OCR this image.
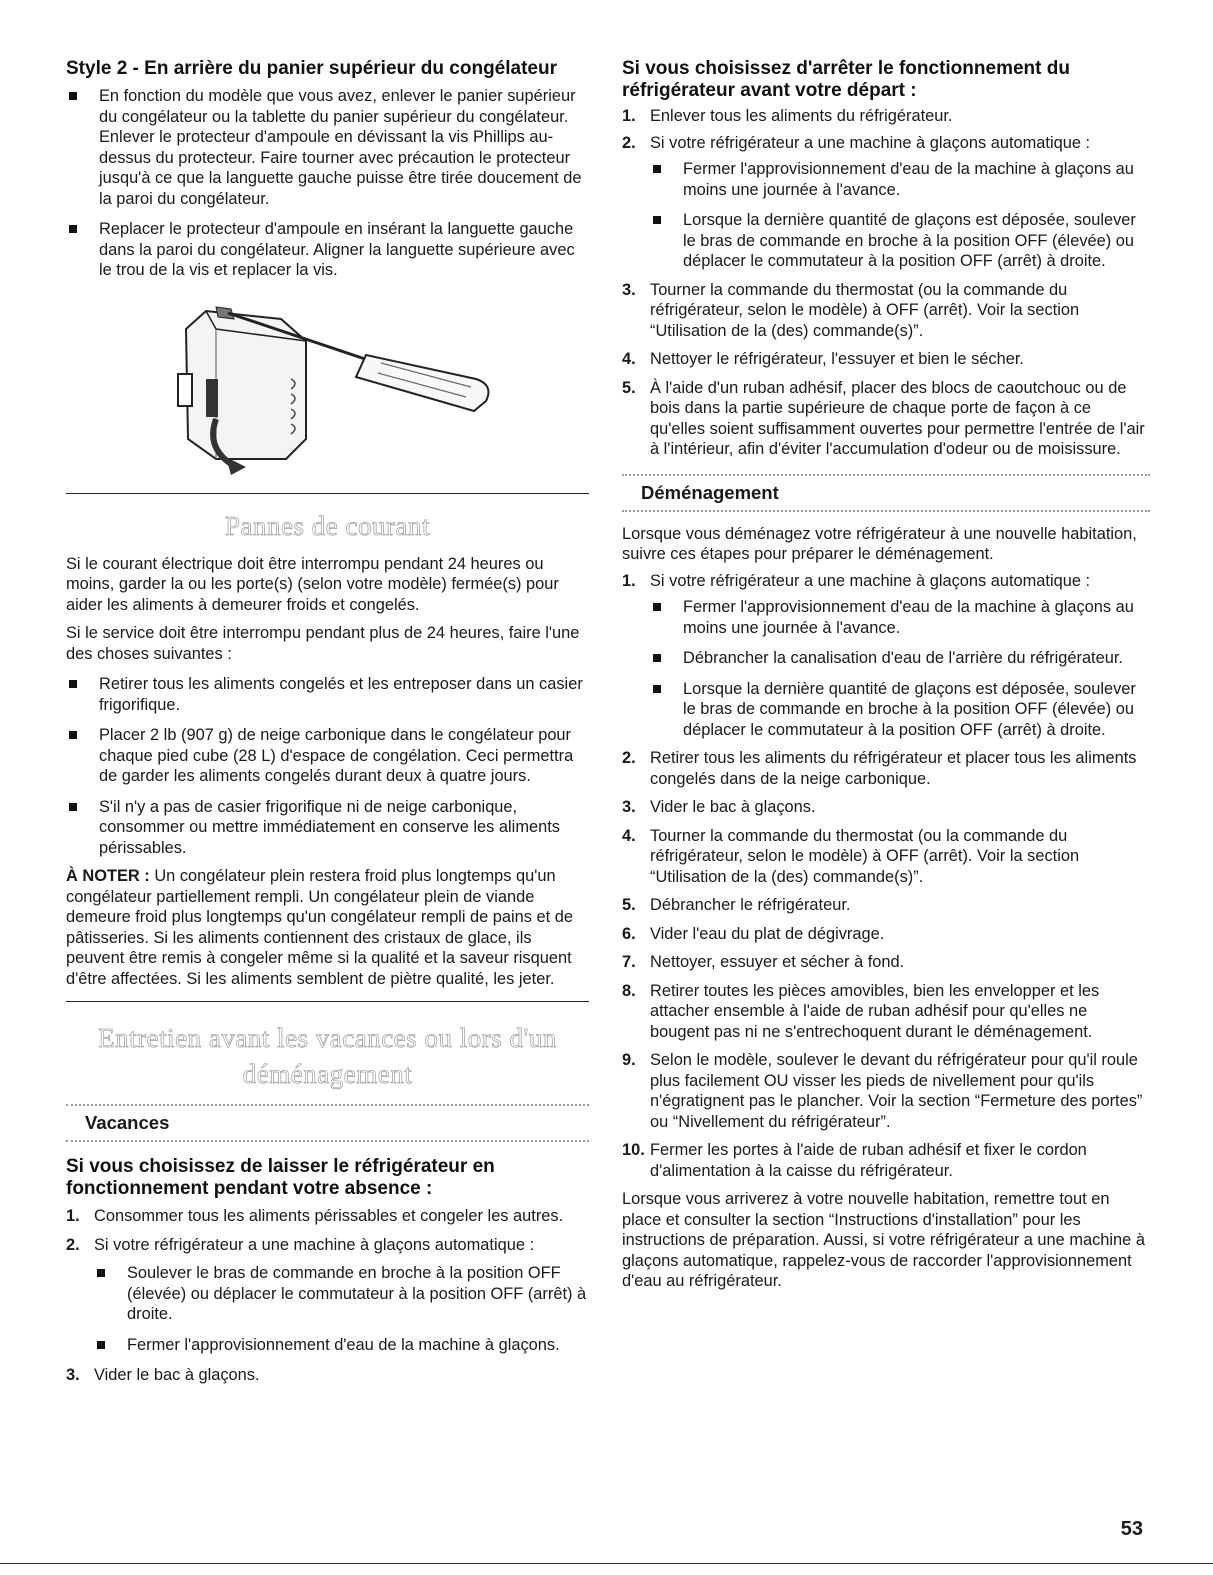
Style 2 - En arrière du panier supérieur du congélateur

En fonction du modèle que vous avez, enlever le panier supérieur du congélateur ou la tablette du panier supérieur du congélateur. Enlever le protecteur d'ampoule en dévissant la vis Phillips au-dessus du protecteur. Faire tourner avec précaution le protecteur jusqu'à ce que la languette gauche puisse être tirée doucement de la paroi du congélateur.

Replacer le protecteur d'ampoule en insérant la languette gauche dans la paroi du congélateur. Aligner la languette supérieure avec le trou de la vis et replacer la vis.

Pannes de courant

Si le courant électrique doit être interrompu pendant 24 heures ou moins, garder la ou les porte(s) (selon votre modèle) fermée(s) pour aider les aliments à demeurer froids et congelés.

Si le service doit être interrompu pendant plus de 24 heures, faire l'une des choses suivantes :

Retirer tous les aliments congelés et les entreposer dans un casier frigorifique.

Placer 2 lb (907 g) de neige carbonique dans le congélateur pour chaque pied cube (28 L) d'espace de congélation. Ceci permettra de garder les aliments congelés durant deux à quatre jours.

S'il n'y a pas de casier frigorifique ni de neige carbonique, consommer ou mettre immédiatement en conserve les aliments périssables.

À NOTER : Un congélateur plein restera froid plus longtemps qu'un congélateur partiellement rempli. Un congélateur plein de viande demeure froid plus longtemps qu'un congélateur rempli de pains et de pâtisseries. Si les aliments contiennent des cristaux de glace, ils peuvent être remis à congeler même si la qualité et la saveur risquent d'être affectées. Si les aliments semblent de piètre qualité, les jeter.

Entretien avant les vacances ou lors d'un

déménagement

Vacances

Si vous choisissez de laisser le réfrigérateur en fonctionnement pendant votre absence :

1. Consommer tous les aliments périssables et congeler les autres.

2. Si votre réfrigérateur a une machine à glaçons automatique :

Soulever le bras de commande en broche à la position OFF (élevée) ou déplacer le commutateur à la position OFF (arrêt) à droite.

Fermer l'approvisionnement d'eau de la machine à glaçons.

3. Vider le bac à glaçons.

Si vous choisissez d'arrêter le fonctionnement du réfrigérateur avant votre départ :

1. Enlever tous les aliments du réfrigérateur.

2. Si votre réfrigérateur a une machine à glaçons automatique :

Fermer l'approvisionnement d'eau de la machine à glaçons au moins une journée à l'avance.

Lorsque la dernière quantité de glaçons est déposée, soulever le bras de commande en broche à la position OFF (élevée) ou déplacer le commutateur à la position OFF (arrêt) à droite.

3. Tourner la commande du thermostat (ou la commande du réfrigérateur, selon le modèle) à OFF (arrêt). Voir la section “Utilisation de la (des) commande(s)”.

4. Nettoyer le réfrigérateur, l'essuyer et bien le sécher.

5. À l'aide d'un ruban adhésif, placer des blocs de caoutchouc ou de bois dans la partie supérieure de chaque porte de façon à ce qu'elles soient suffisamment ouvertes pour permettre l'entrée de l'air à l'intérieur, afin d'éviter l'accumulation d'odeur ou de moisissure.

Déménagement

Lorsque vous déménagez votre réfrigérateur à une nouvelle habitation, suivre ces étapes pour préparer le déménagement.

1. Si votre réfrigérateur a une machine à glaçons automatique :

Fermer l'approvisionnement d'eau de la machine à glaçons au moins une journée à l'avance.

Débrancher la canalisation d'eau de l'arrière du réfrigérateur.

Lorsque la dernière quantité de glaçons est déposée, soulever le bras de commande en broche à la position OFF (élevée) ou déplacer le commutateur à la position OFF (arrêt) à droite.

2. Retirer tous les aliments du réfrigérateur et placer tous les aliments congelés dans de la neige carbonique.

3. Vider le bac à glaçons.

4. Tourner la commande du thermostat (ou la commande du réfrigérateur, selon le modèle) à OFF (arrêt). Voir la section “Utilisation de la (des) commande(s)”.

5. Débrancher le réfrigérateur.

6. Vider l'eau du plat de dégivrage.

7. Nettoyer, essuyer et sécher à fond.

8. Retirer toutes les pièces amovibles, bien les envelopper et les attacher ensemble à l'aide de ruban adhésif pour qu'elles ne bougent pas ni ne s'entrechoquent durant le déménagement.

9. Selon le modèle, soulever le devant du réfrigérateur pour qu'il roule plus facilement OU visser les pieds de nivellement pour qu'ils n'égratignent pas le plancher. Voir la section “Fermeture des portes” ou “Nivellement du réfrigérateur”.

10. Fermer les portes à l'aide de ruban adhésif et fixer le cordon d'alimentation à la caisse du réfrigérateur.

Lorsque vous arriverez à votre nouvelle habitation, remettre tout en place et consulter la section “Instructions d'installation” pour les instructions de préparation. Aussi, si votre réfrigérateur a une machine à glaçons automatique, rappelez-vous de raccorder l'approvisionnement d'eau au réfrigérateur.

53
